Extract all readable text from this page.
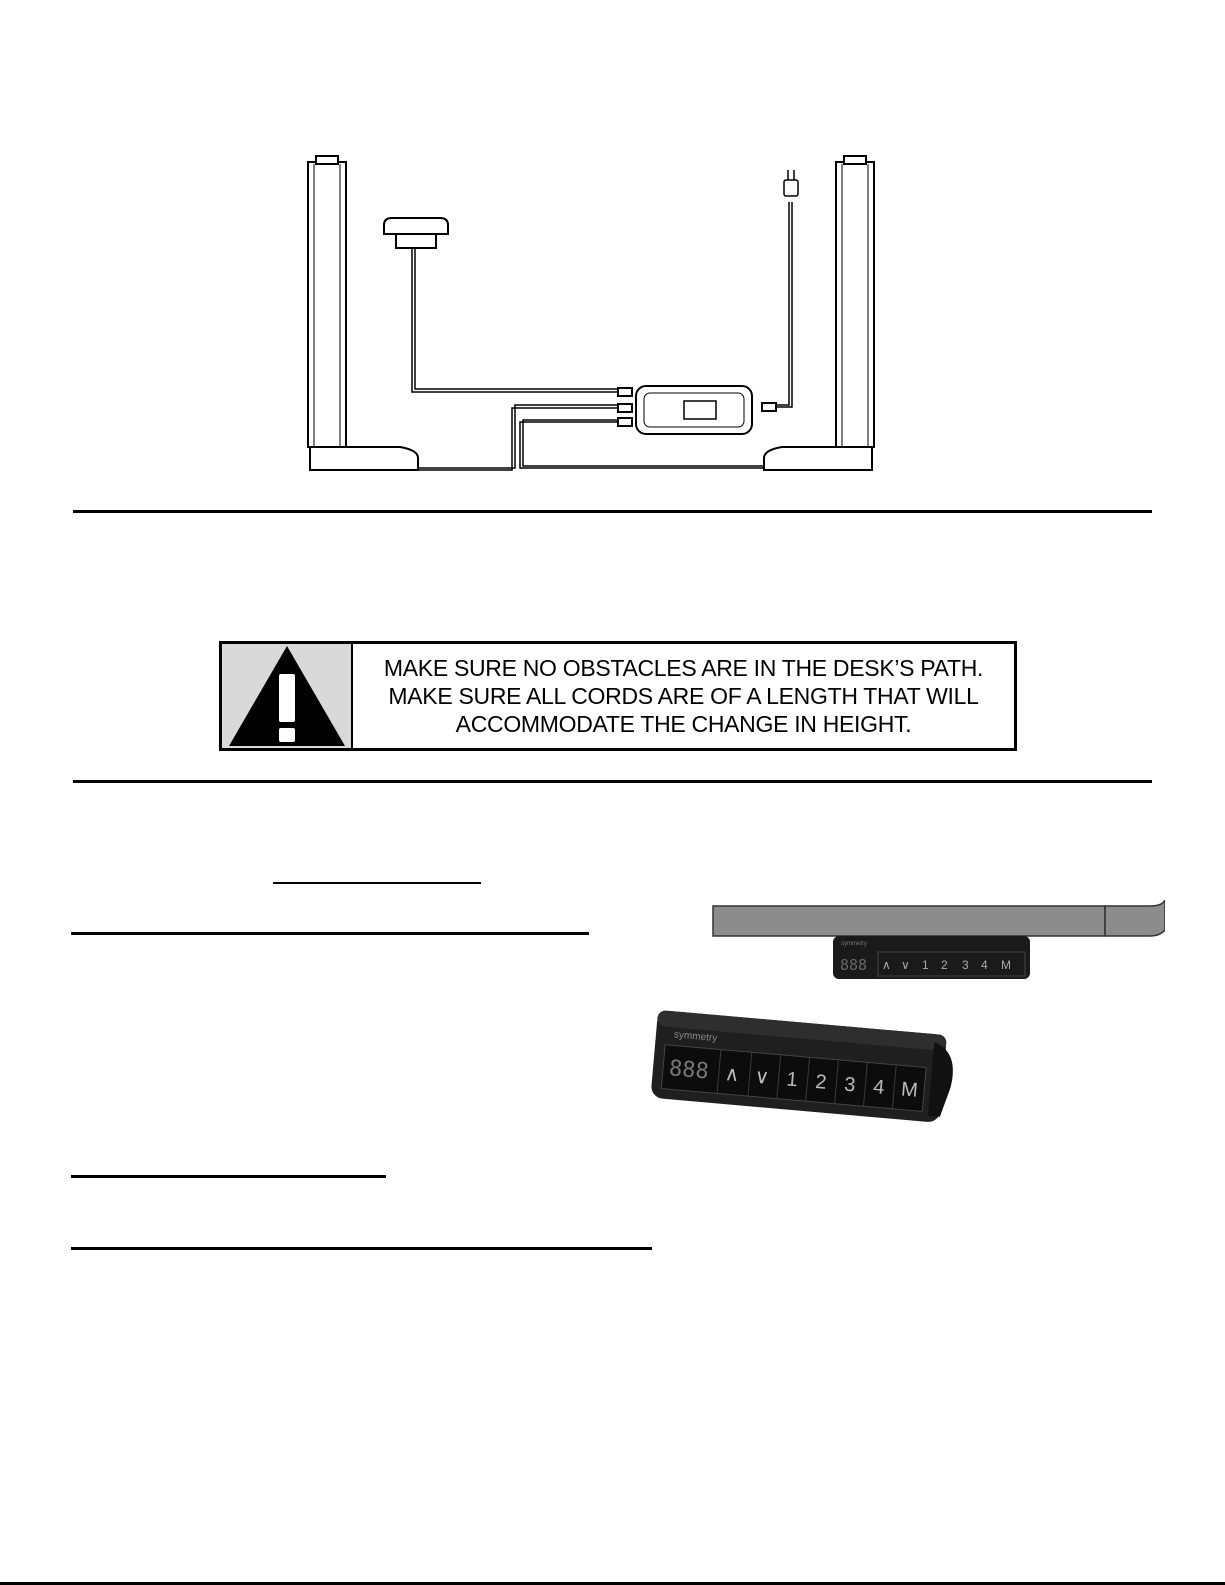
MAKE SURE NO OBSTACLES ARE IN THE DESK’S PATH.
MAKE SURE ALL CORDS ARE OF A LENGTH THAT WILL
ACCOMMODATE THE CHANGE IN HEIGHT.
symmetry
888 ∧ ∨ 1 2 3 4 M
symmetry
888 ∧ ∨ 1 2 3 4 M
